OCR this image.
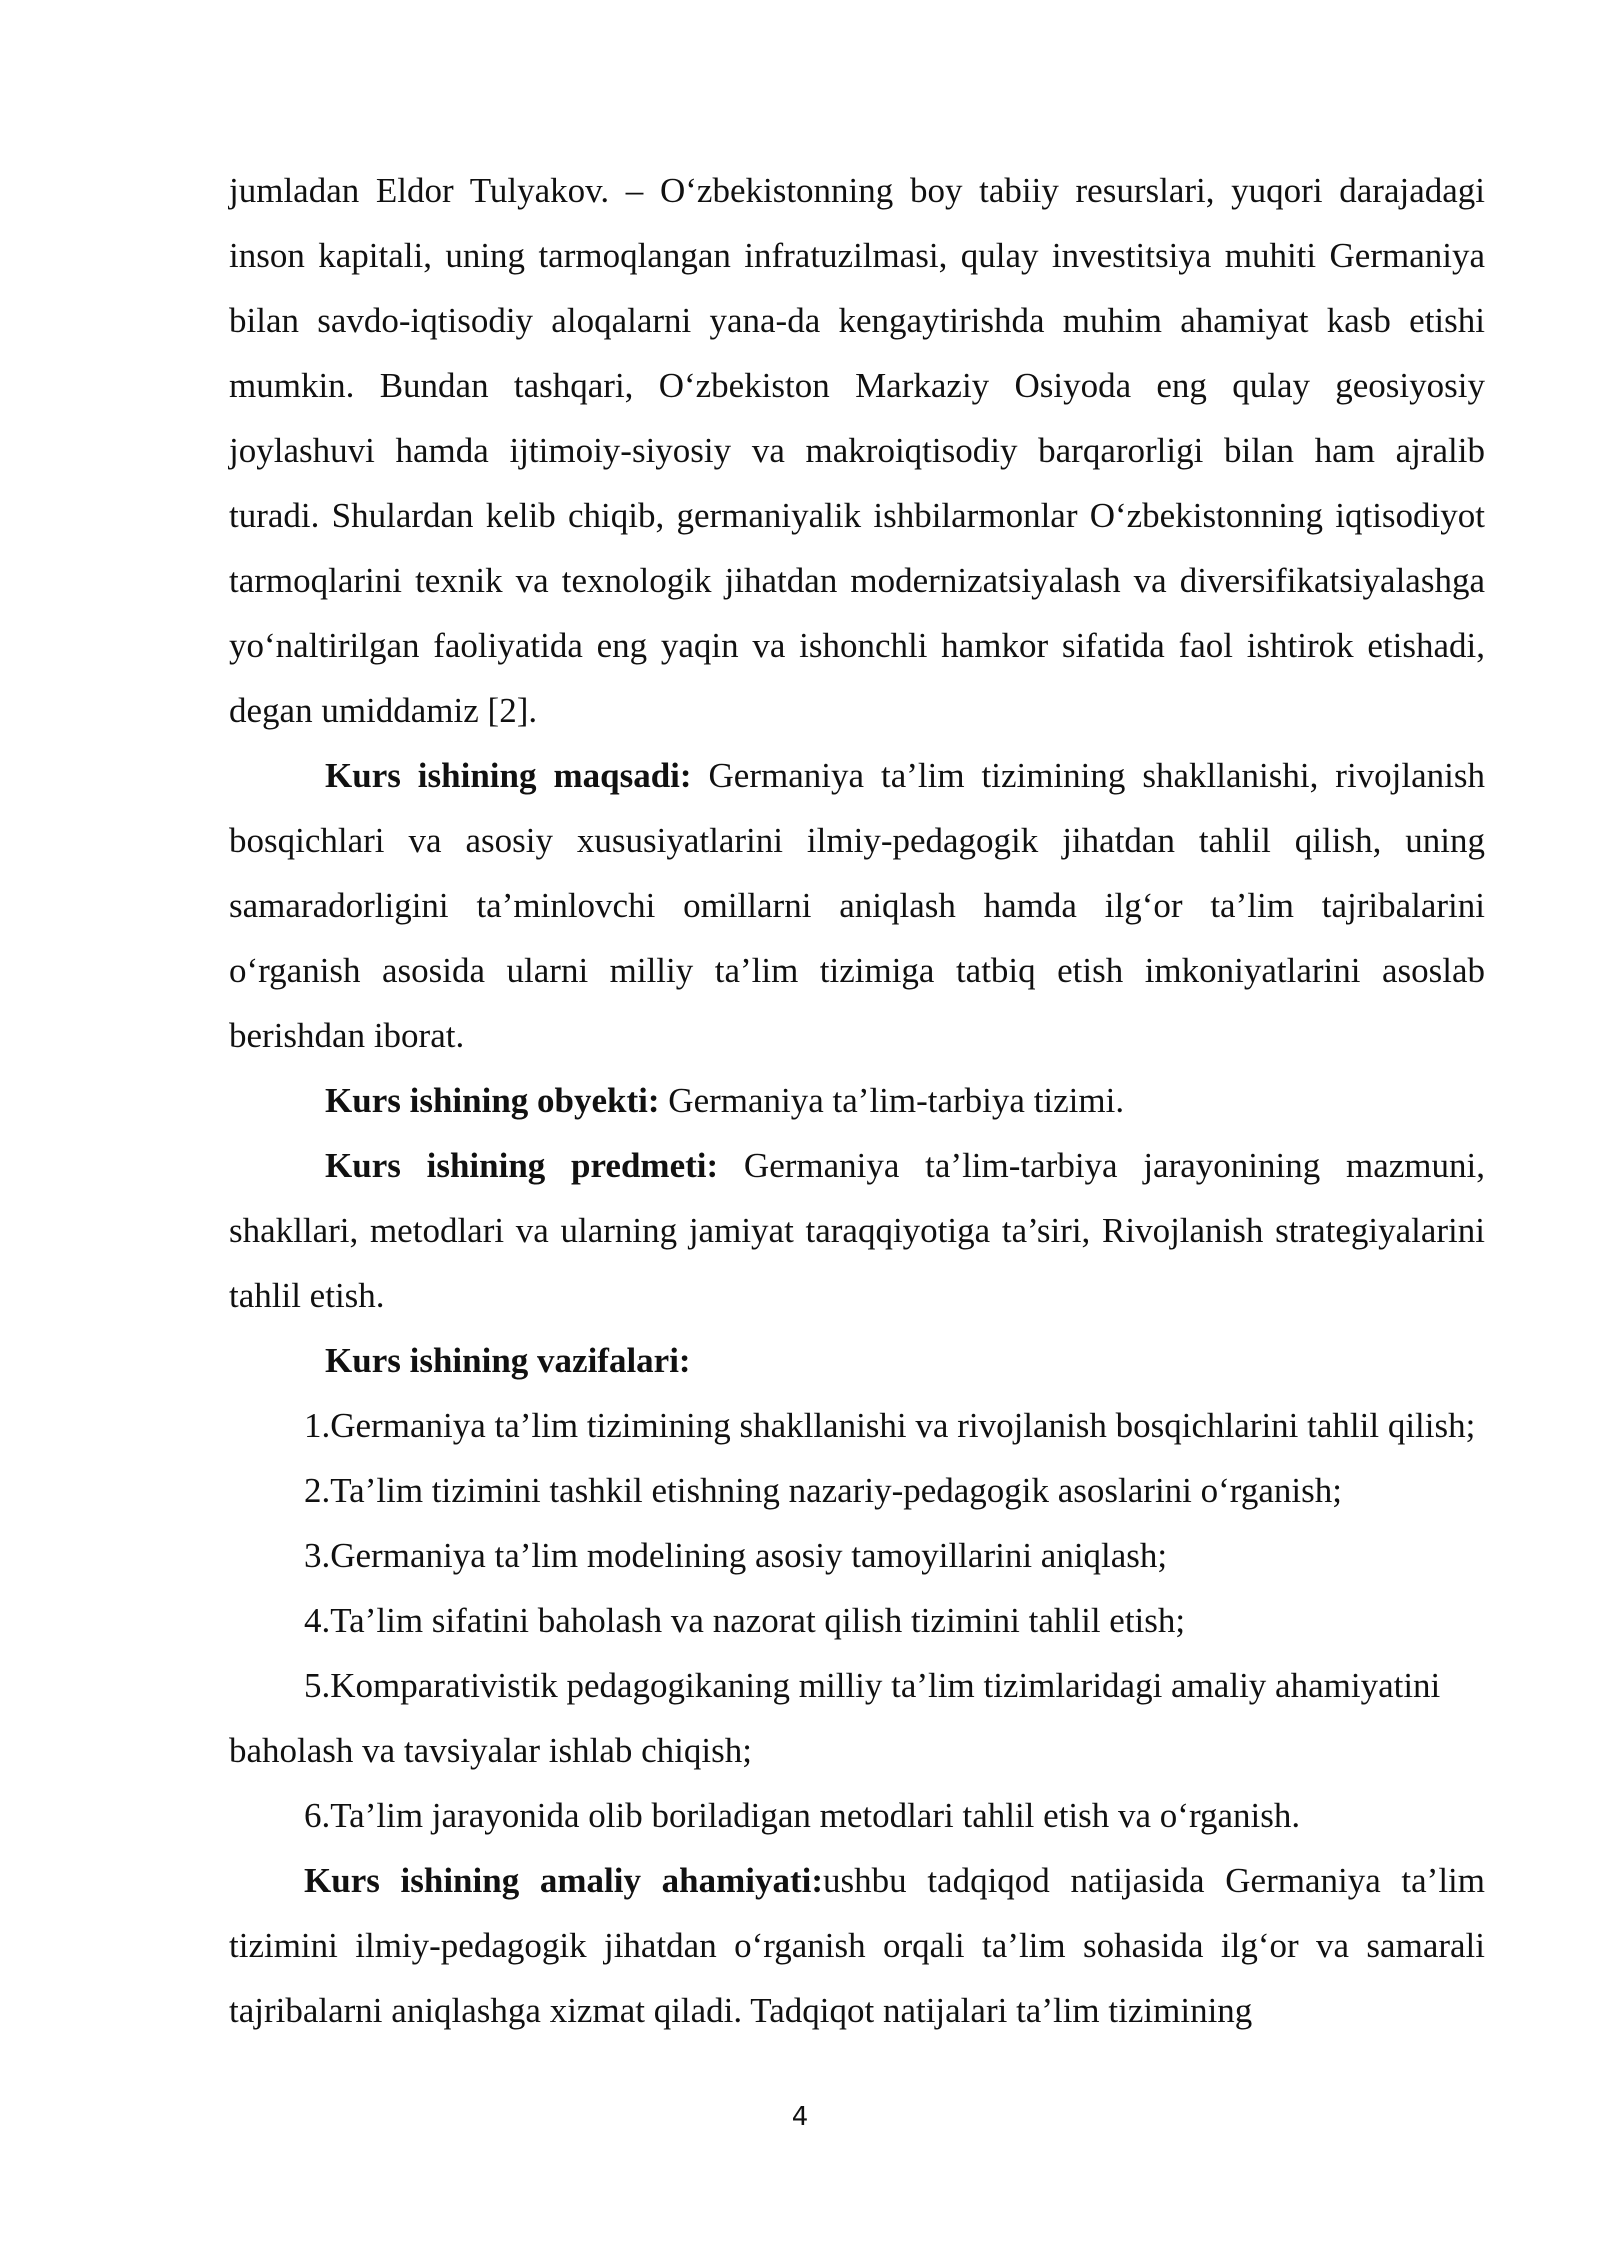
jumladan Eldor Tulyakov. – O‘zbekistonning boy tabiiy resurslari, yuqori darajadagi inson kapitali, uning tarmoqlangan infratuzilmasi, qulay investitsiya muhiti Germaniya bilan savdo-iqtisodiy aloqalarni yana-da kengaytirishda muhim ahamiyat kasb etishi mumkin. Bundan tashqari, O‘zbekiston Markaziy Osiyoda eng qulay geosiyosiy joylashuvi hamda ijtimoiy-siyosiy va makroiqtisodiy barqarorligi bilan ham ajralib turadi. Shulardan kelib chiqib, germaniyalik ishbilarmonlar O‘zbekistonning iqtisodiyot tarmoqlarini texnik va texnologik jihatdan modernizatsiyalash va diversifikatsiyalashga yo‘naltirilgan faoliyatida eng yaqin va ishonchli hamkor sifatida faol ishtirok etishadi, degan umiddamiz [2].

Kurs ishining maqsadi: Germaniya ta’lim tizimining shakllanishi, rivojlanish bosqichlari va asosiy xususiyatlarini ilmiy-pedagogik jihatdan tahlil qilish, uning samaradorligini ta’minlovchi omillarni aniqlash hamda ilg‘or ta’lim tajribalarini o‘rganish asosida ularni milliy ta’lim tizimiga tatbiq etish imkoniyatlarini asoslab berishdan iborat.

Kurs ishining obyekti: Germaniya ta’lim-tarbiya tizimi.

Kurs ishining predmeti: Germaniya ta’lim-tarbiya jarayonining mazmuni, shakllari, metodlari va ularning jamiyat taraqqiyotiga ta’siri, Rivojlanish strategiyalarini tahlil etish.

Kurs ishining vazifalari:

1.Germaniya ta’lim tizimining shakllanishi va rivojlanish bosqichlarini tahlil qilish;

2.Ta’lim tizimini tashkil etishning nazariy-pedagogik asoslarini o‘rganish;

3.Germaniya ta’lim modelining asosiy tamoyillarini aniqlash;

4.Ta’lim sifatini baholash va nazorat qilish tizimini tahlil etish;

5.Komparativistik pedagogikaning milliy ta’lim tizimlaridagi amaliy ahamiyatini baholash va tavsiyalar ishlab chiqish;

6.Ta’lim jarayonida olib boriladigan metodlari tahlil etish va o‘rganish.

Kurs ishining amaliy ahamiyati:ushbu tadqiqod natijasida Germaniya ta’lim tizimini ilmiy-pedagogik jihatdan o‘rganish orqali ta’lim sohasida ilg‘or va samarali tajribalarni aniqlashga xizmat qiladi. Tadqiqot natijalari ta’lim tizimining

4
